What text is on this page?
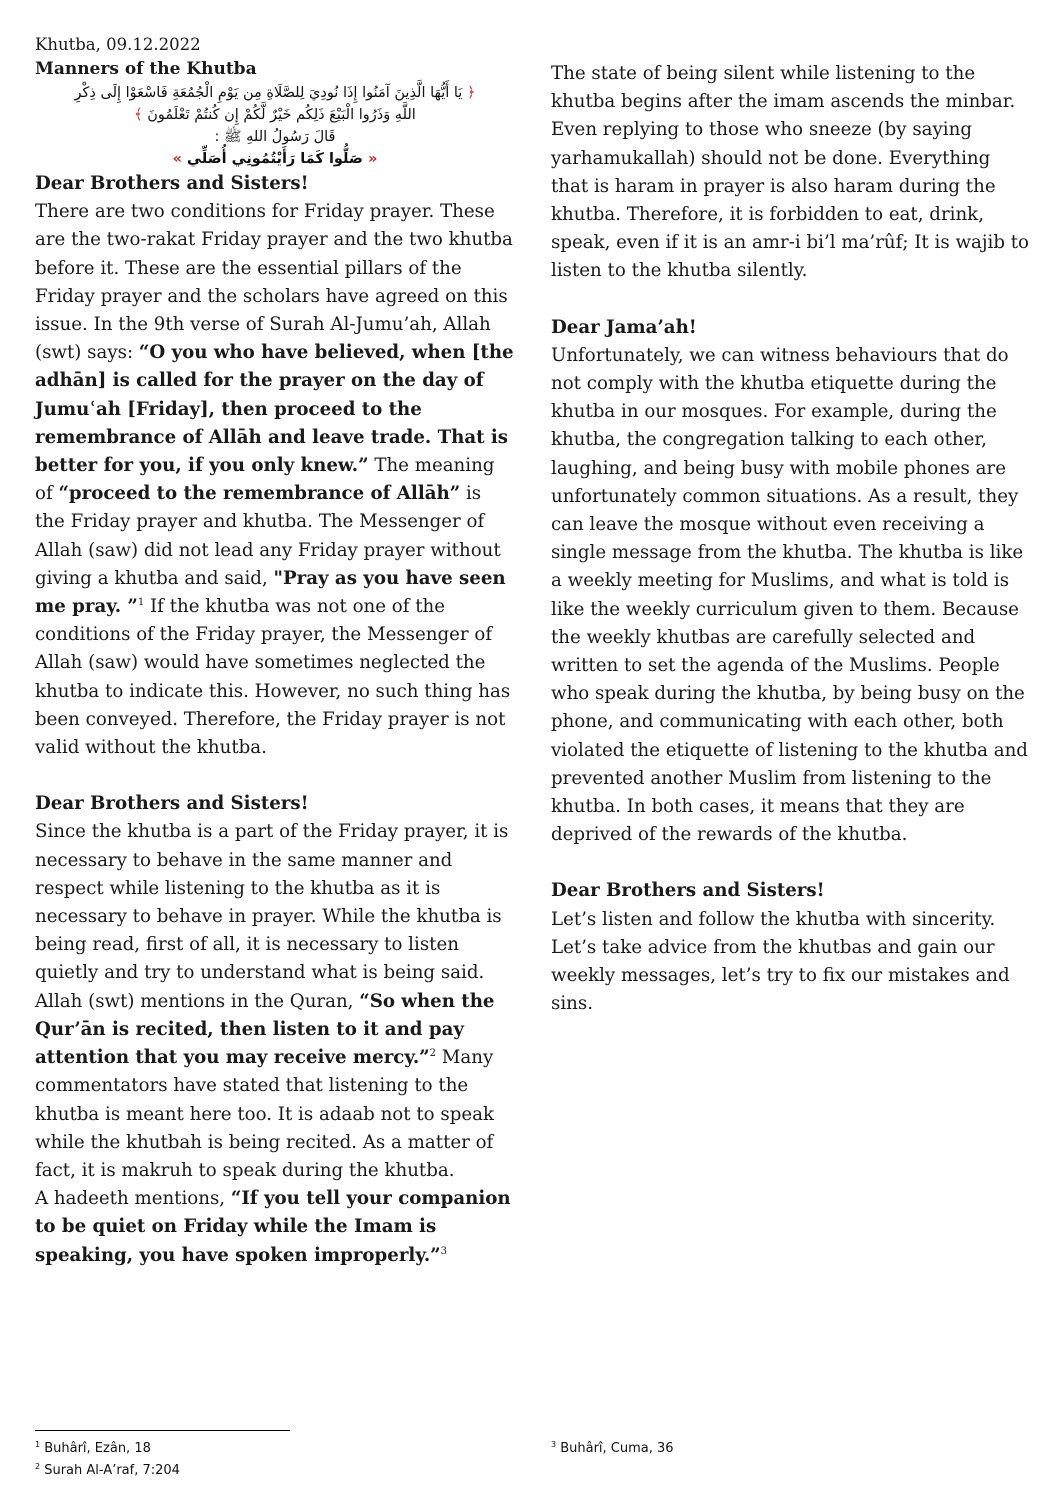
Khutba, 09.12.2022
Manners of the Khutba
﴿ يَا أَيُّهَا الَّذِينَ آمَنُوا إِذَا نُودِيَ لِلصَّلَاةِ مِن يَوْمِ الْجُمُعَةِ فَاسْعَوْا إِلَى ذِكْرِ
اللَّهِ وَذَرُوا الْبَيْعَ ذَلِكُم خَيْرٌ لَّكُمْ إِن كُنتُمْ تَعْلَمُونَ ﴾
قَالَ رَسُولُ اللهِ ﷺ :
« صَلُّوا كَمَا رَأَيْتُمُونِي أُصَلِّي »
Dear Brothers and Sisters!

There are two conditions for Friday prayer. These are the two-rakat Friday prayer and the two khutba before it. These are the essential pillars of the Friday prayer and the scholars have agreed on this issue. In the 9th verse of Surah Al-Jumu’ah, Allah (swt) says: “O you who have believed, when [the adhān] is called for the prayer on the day of Jumuʿah [Friday], then proceed to the remembrance of Allāh and leave trade. That is better for you, if you only knew.” The meaning of “proceed to the remembrance of Allāh” is the Friday prayer and khutba. The Messenger of Allah (saw) did not lead any Friday prayer without giving a khutba and said, "Pray as you have seen me pray. ”$^1$ If the khutba was not one of the conditions of the Friday prayer, the Messenger of Allah (saw) would have sometimes neglected the khutba to indicate this. However, no such thing has been conveyed. Therefore, the Friday prayer is not valid without the khutba.

Dear Brothers and Sisters!

Since the khutba is a part of the Friday prayer, it is necessary to behave in the same manner and respect while listening to the khutba as it is necessary to behave in prayer. While the khutba is being read, first of all, it is necessary to listen quietly and try to understand what is being said. Allah (swt) mentions in the Quran, “So when the Qur’ān is recited, then listen to it and pay attention that you may receive mercy.”$^2$ Many commentators have stated that listening to the khutba is meant here too. It is adaab not to speak while the khutbah is being recited. As a matter of fact, it is makruh to speak during the khutba.

A hadeeth mentions, “If you tell your companion to be quiet on Friday while the Imam is speaking, you have spoken improperly.”$^3$

The state of being silent while listening to the khutba begins after the imam ascends the minbar. Even replying to those who sneeze (by saying yarhamukallah) should not be done. Everything that is haram in prayer is also haram during the khutba. Therefore, it is forbidden to eat, drink, speak, even if it is an amr-i bi’l ma’rûf; It is wajib to listen to the khutba silently.

Dear Jama’ah!

Unfortunately, we can witness behaviours that do not comply with the khutba etiquette during the khutba in our mosques. For example, during the khutba, the congregation talking to each other, laughing, and being busy with mobile phones are unfortunately common situations. As a result, they can leave the mosque without even receiving a single message from the khutba. The khutba is like a weekly meeting for Muslims, and what is told is like the weekly curriculum given to them. Because the weekly khutbas are carefully selected and written to set the agenda of the Muslims. People who speak during the khutba, by being busy on the phone, and communicating with each other, both violated the etiquette of listening to the khutba and prevented another Muslim from listening to the khutba. In both cases, it means that they are deprived of the rewards of the khutba.

Dear Brothers and Sisters!

Let’s listen and follow the khutba with sincerity. Let’s take advice from the khutbas and gain our weekly messages, let’s try to fix our mistakes and sins.

$^1$ Buhârî, Ezân, 18
$^2$ Surah Al-A’raf, 7:204
$^3$ Buhârî, Cuma, 36
